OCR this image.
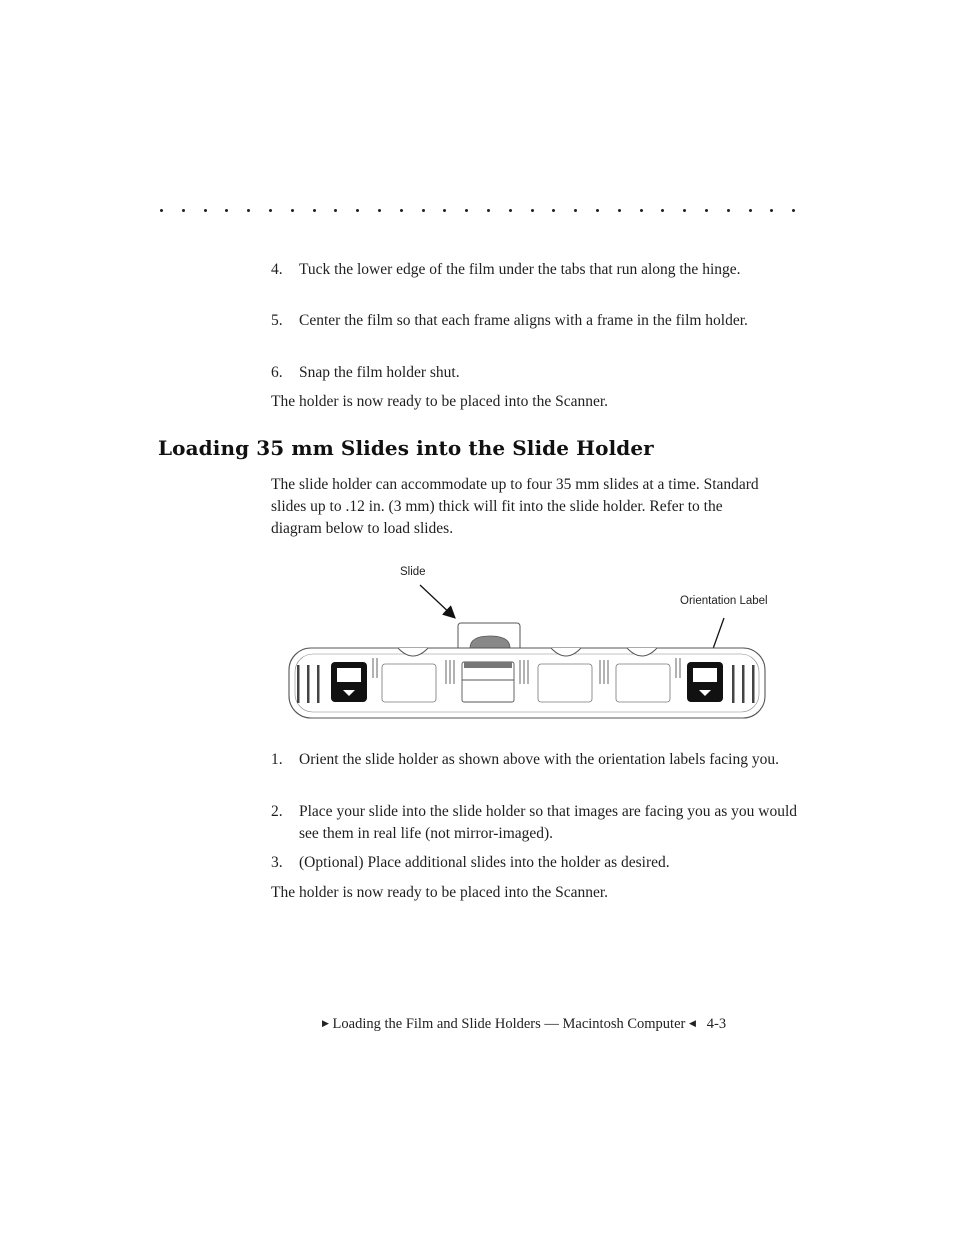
4.	Tuck the lower edge of the film under the tabs that run along the hinge.
5.	Center the film so that each frame aligns with a frame in the film holder.
6.	Snap the film holder shut.
The holder is now ready to be placed into the Scanner.
Loading 35 mm Slides into the Slide Holder
The slide holder can accommodate up to four 35 mm slides at a time. Standard slides up to .12 in. (3 mm) thick will fit into the slide holder. Refer to the diagram below to load slides.
Slide
Orientation Label
1.	Orient the slide holder as shown above with the orientation labels facing you.
2.	Place your slide into the slide holder so that images are facing you as you would see them in real life (not mirror-imaged).
3.	(Optional) Place additional slides into the holder as desired.
The holder is now ready to be placed into the Scanner.
▶ Loading the Film and Slide Holders — Macintosh Computer ◀ 4-3
